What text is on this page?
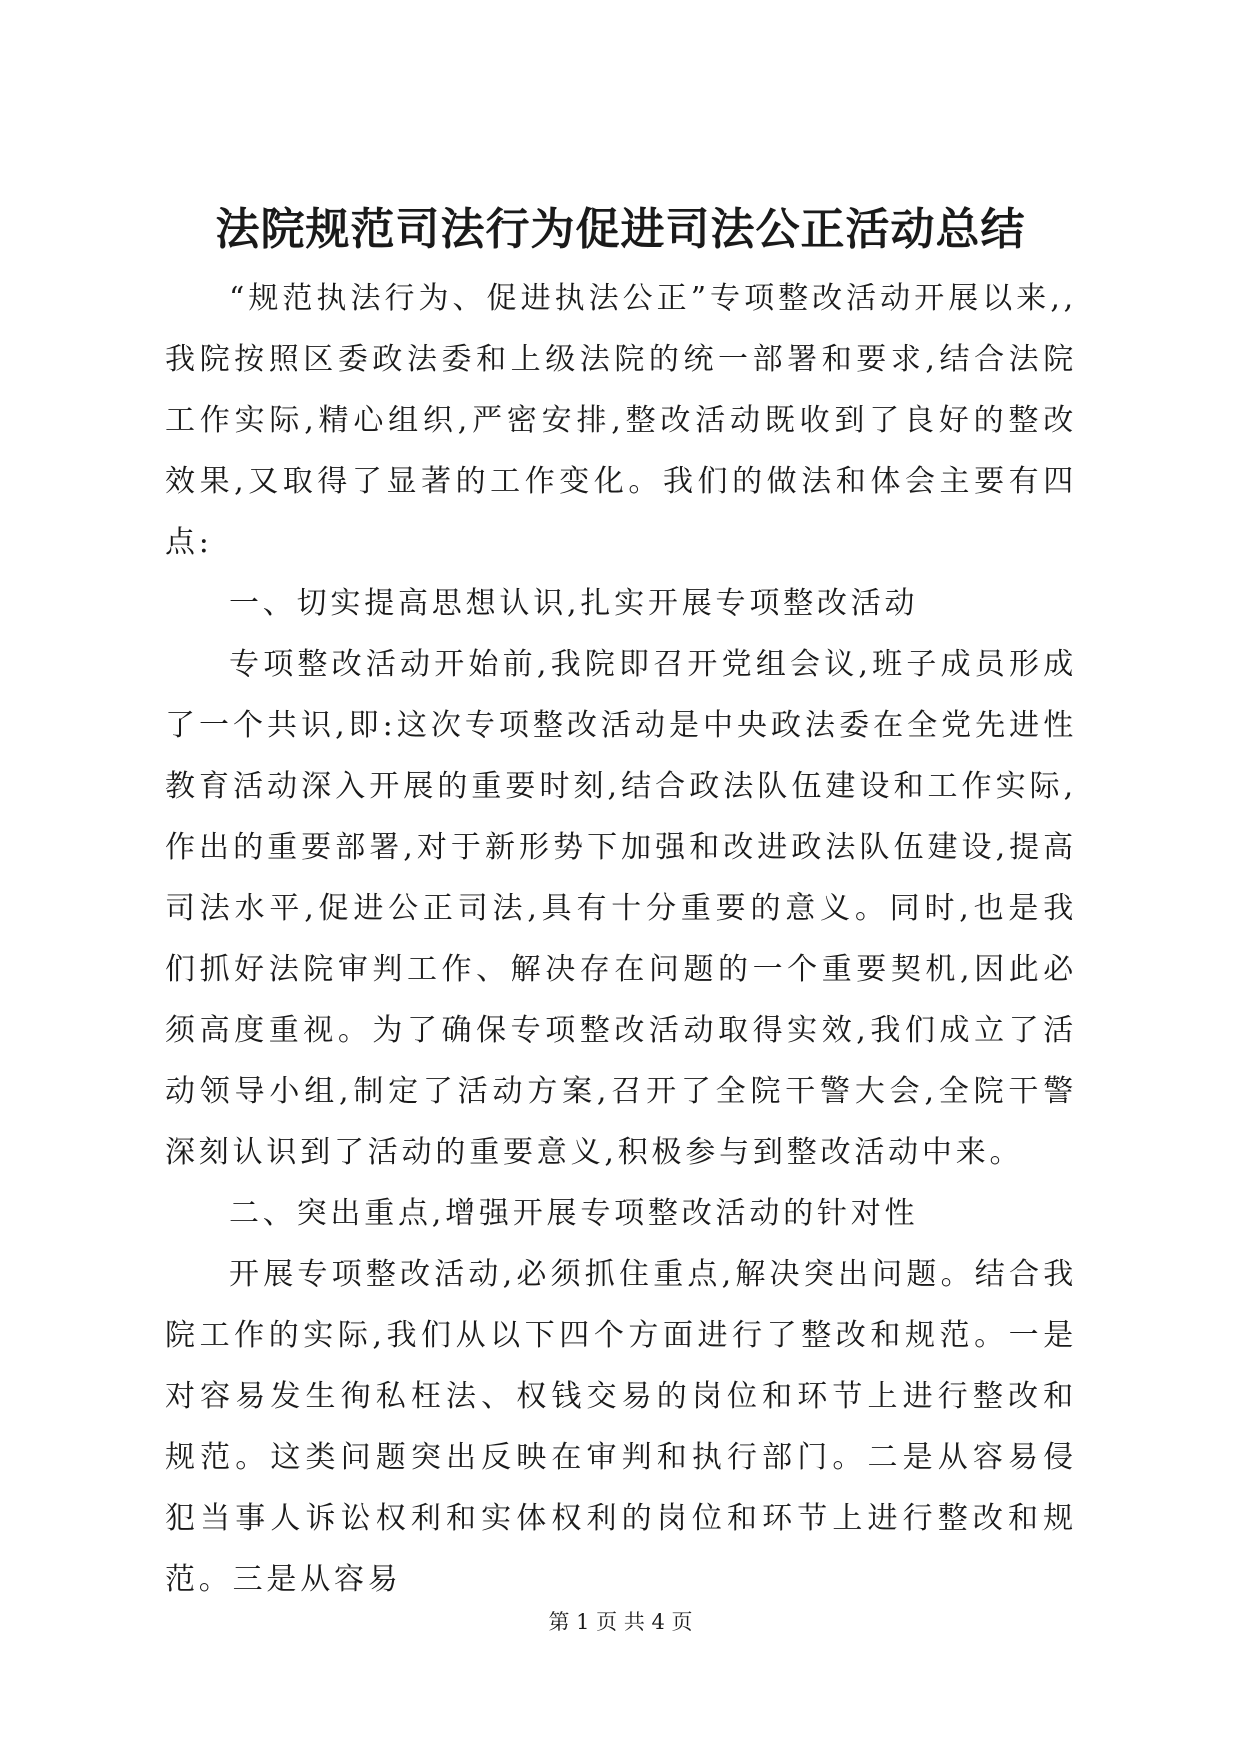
法院规范司法行为促进司法公正活动总结

“规范执法行为、促进执法公正”专项整改活动开展以来,,我院按照区委政法委和上级法院的统一部署和要求,结合法院工作实际,精心组织,严密安排,整改活动既收到了良好的整改效果,又取得了显著的工作变化。我们的做法和体会主要有四点:

一、切实提高思想认识,扎实开展专项整改活动

专项整改活动开始前,我院即召开党组会议,班子成员形成了一个共识,即:这次专项整改活动是中央政法委在全党先进性教育活动深入开展的重要时刻,结合政法队伍建设和工作实际,作出的重要部署,对于新形势下加强和改进政法队伍建设,提高司法水平,促进公正司法,具有十分重要的意义。同时,也是我们抓好法院审判工作、解决存在问题的一个重要契机,因此必须高度重视。为了确保专项整改活动取得实效,我们成立了活动领导小组,制定了活动方案,召开了全院干警大会,全院干警深刻认识到了活动的重要意义,积极参与到整改活动中来。

二、突出重点,增强开展专项整改活动的针对性

开展专项整改活动,必须抓住重点,解决突出问题。结合我院工作的实际,我们从以下四个方面进行了整改和规范。一是对容易发生徇私枉法、权钱交易的岗位和环节上进行整改和规范。这类问题突出反映在审判和执行部门。二是从容易侵犯当事人诉讼权利和实体权利的岗位和环节上进行整改和规范。三是从容易

第 1 页 共 4 页
